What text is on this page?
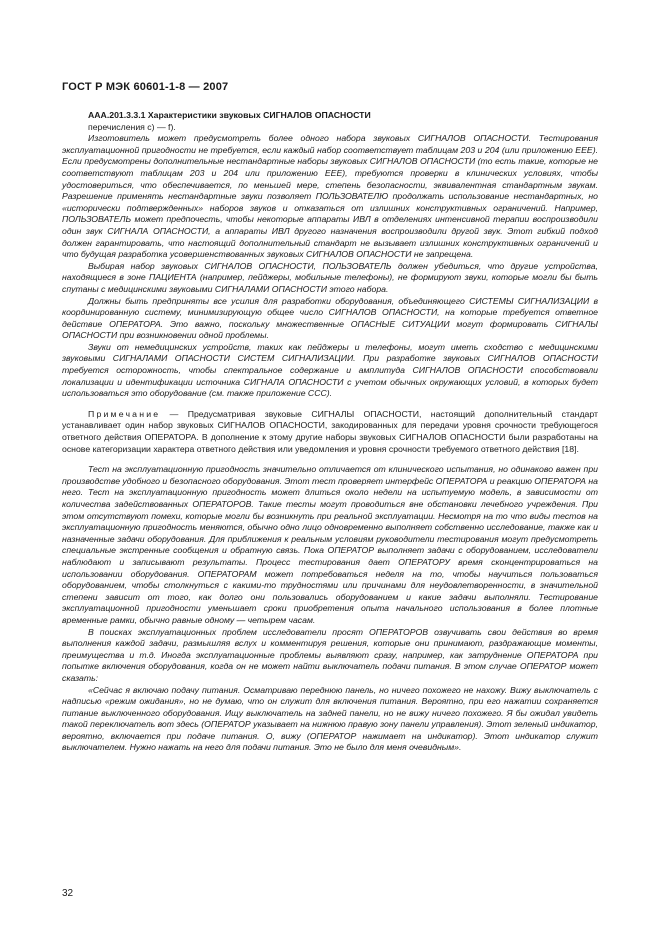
ГОСТ Р МЭК 60601-1-8 — 2007
ААА.201.3.3.1 Характеристики звуковых СИГНАЛОВ ОПАСНОСТИ
перечисления c) — f).

Изготовитель может предусмотреть более одного набора звуковых СИГНАЛОВ ОПАСНОСТИ. Тестирования эксплуатационной пригодности не требуется, если каждый набор соответствует таблицам 203 и 204 (или приложению ЕЕЕ). Если предусмотрены дополнительные нестандартные наборы звуковых СИГНАЛОВ ОПАСНОСТИ (то есть такие, которые не соответствуют таблицам 203 и 204 или приложению ЕЕЕ), требуются проверки в клинических условиях, чтобы удостовериться, что обеспечивается, по меньшей мере, степень безопасности, эквивалентная стандартным звукам. Разрешение применять нестандартные звуки позволяет ПОЛЬЗОВАТЕЛЮ продолжать использование нестандартных, но «исторически подтвержденных» наборов звуков и отказаться от излишних конструктивных ограничений. Например, ПОЛЬЗОВАТЕЛЬ может предпочесть, чтобы некоторые аппараты ИВЛ в отделениях интенсивной терапии воспроизводили один звук СИГНАЛА ОПАСНОСТИ, а аппараты ИВЛ другого назначения воспроизводили другой звук. Этот гибкий подход должен гарантировать, что настоящий дополнительный стандарт не вызывает излишних конструктивных ограничений и что будущая разработка усовершенствованных звуковых СИГНАЛОВ ОПАСНОСТИ не запрещена.

Выбирая набор звуковых СИГНАЛОВ ОПАСНОСТИ, ПОЛЬЗОВАТЕЛЬ должен убедиться, что другие устройства, находящиеся в зоне ПАЦИЕНТА (например, пейджеры, мобильные телефоны), не формируют звуки, которые могли бы быть спутаны с медицинскими звуковыми СИГНАЛАМИ ОПАСНОСТИ этого набора.

Должны быть предприняты все усилия для разработки оборудования, объединяющего СИСТЕМЫ СИГНАЛИЗАЦИИ в координированную систему, минимизирующую общее число СИГНАЛОВ ОПАСНОСТИ, на которые требуется ответное действие ОПЕРАТОРА. Это важно, поскольку множественные ОПАСНЫЕ СИТУАЦИИ могут формировать СИГНАЛЫ ОПАСНОСТИ при возникновении одной проблемы.

Звуки от немедицинских устройств, таких как пейджеры и телефоны, могут иметь сходство с медицинскими звуковыми СИГНАЛАМИ ОПАСНОСТИ СИСТЕМ СИГНАЛИЗАЦИИ. При разработке звуковых СИГНАЛОВ ОПАСНОСТИ требуется осторожность, чтобы спектральное содержание и амплитуда СИГНАЛОВ ОПАСНОСТИ способствовали локализации и идентификации источника СИГНАЛА ОПАСНОСТИ с учетом обычных окружающих условий, в которых будет использоваться это оборудование (см. также приложение ССС).

Примечание — Предусматривая звуковые СИГНАЛЫ ОПАСНОСТИ, настоящий дополнительный стандарт устанавливает один набор звуковых СИГНАЛОВ ОПАСНОСТИ, закодированных для передачи уровня срочности требующегося ответного действия ОПЕРАТОРА. В дополнение к этому другие наборы звуковых СИГНАЛОВ ОПАСНОСТИ были разработаны на основе категоризации характера ответного действия или уведомления и уровня срочности требуемого ответного действия [18].

Тест на эксплуатационную пригодность значительно отличается от клинического испытания, но одинаково важен при производстве удобного и безопасного оборудования. Этот тест проверяет интерфейс ОПЕРАТОРА и реакцию ОПЕРАТОРА на него. Тест на эксплуатационную пригодность может длиться около недели на испытуемую модель, в зависимости от количества задействованных ОПЕРАТОРОВ. Такие тесты могут проводиться вне обстановки лечебного учреждения. При этом отсутствуют помехи, которые могли бы возникнуть при реальной эксплуатации. Несмотря на то что виды тестов на эксплуатационную пригодность меняются, обычно одно лицо одновременно выполняет собственно исследование, также как и назначенные задачи оборудования. Для приближения к реальным условиям руководители тестирования могут предусмотреть специальные экстренные сообщения и обратную связь. Пока ОПЕРАТОР выполняет задачи с оборудованием, исследователи наблюдают и записывают результаты. Процесс тестирования дает ОПЕРАТОРУ время сконцентрироваться на использовании оборудования. ОПЕРАТОРАМ может потребоваться неделя на то, чтобы научиться пользоваться оборудованием, чтобы столкнуться с какими-то трудностями или причинами для неудовлетворенности, в значительной степени зависит от того, как долго они пользовались оборудованием и какие задачи выполняли. Тестирование эксплуатационной пригодности уменьшает сроки приобретения опыта начального использования в более плотные временные рамки, обычно равные одному — четырем часам.

В поисках эксплуатационных проблем исследователи просят ОПЕРАТОРОВ озвучивать свои действия во время выполнения каждой задачи, размышляя вслух и комментируя решения, которые они принимают, раздражающие моменты, преимущества и т.д. Иногда эксплуатационные проблемы выявляют сразу, например, как затруднение ОПЕРАТОРА при попытке включения оборудования, когда он не может найти выключатель подачи питания. В этом случае ОПЕРАТОР может сказать:

«Сейчас я включаю подачу питания. Осматриваю переднюю панель, но ничего похожего не нахожу. Вижу выключатель с надписью «режим ожидания», но не думаю, что он служит для включения питания. Вероятно, при его нажатии сохраняется питание выключенного оборудования. Ищу выключатель на задней панели, но не вижу ничего похожего. Я бы ожидал увидеть такой переключатель вот здесь (ОПЕРАТОР указывает на нижнюю правую зону панели управления). Этот зеленый индикатор, вероятно, включается при подаче питания. О, вижу (ОПЕРАТОР нажимает на индикатор). Этот индикатор служит выключателем. Нужно нажать на него для подачи питания. Это не было для меня очевидным».

32
